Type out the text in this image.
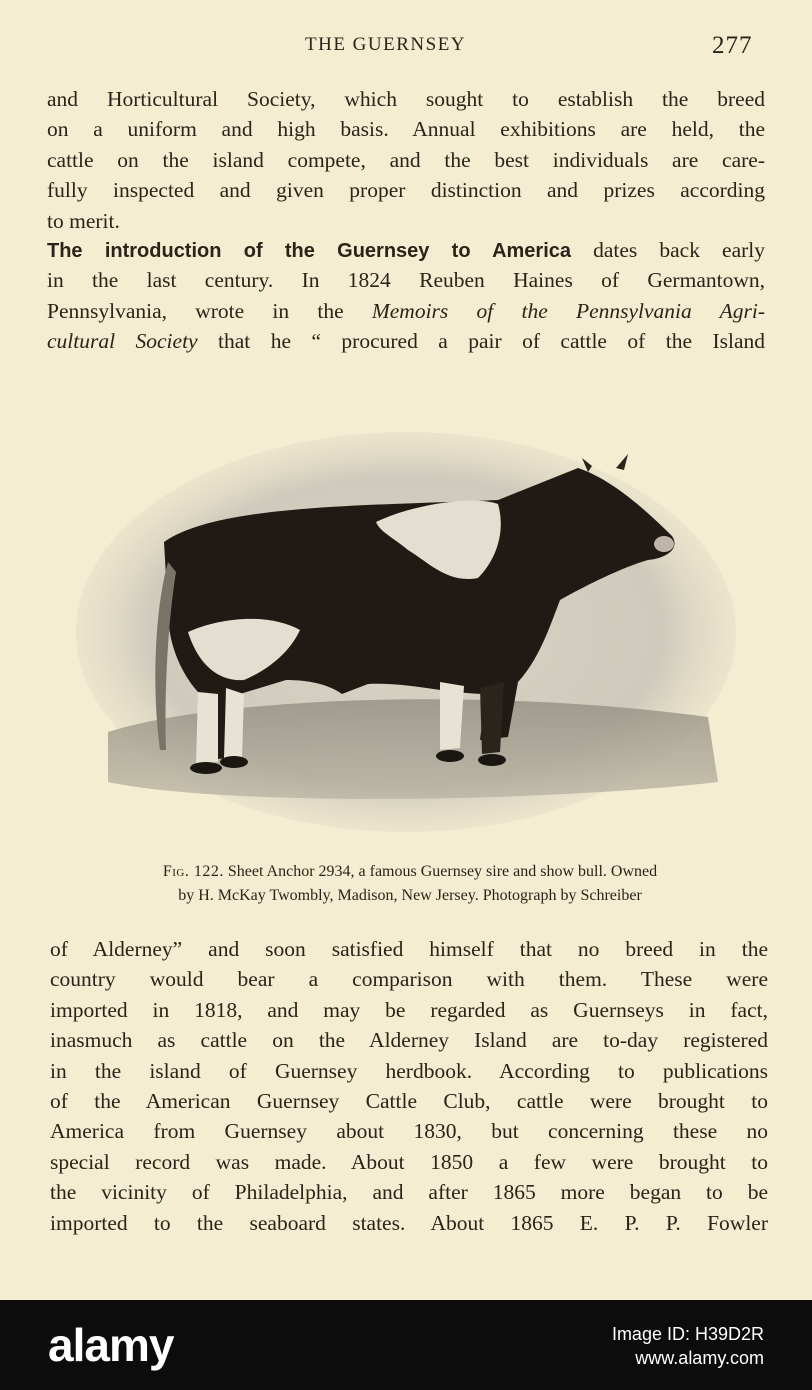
THE GUERNSEY	277
and Horticultural Society, which sought to establish the breed
on a uniform and high basis. Annual exhibitions are held, the
cattle on the island compete, and the best individuals are care-
fully inspected and given proper distinction and prizes according
to merit.
The introduction of the Guernsey to America dates back early
in the last century. In 1824 Reuben Haines of Germantown,
Pennsylvania, wrote in the Memoirs of the Pennsylvania Agri-
cultural Society that he “ procured a pair of cattle of the Island
Fig. 122. Sheet Anchor 2934, a famous Guernsey sire and show bull. Owned
by H. McKay Twombly, Madison, New Jersey. Photograph by Schreiber
of Alderney” and soon satisfied himself that no breed in the
country would bear a comparison with them. These were
imported in 1818, and may be regarded as Guernseys in fact,
inasmuch as cattle on the Alderney Island are to-day registered
in the island of Guernsey herdbook. According to publications
of the American Guernsey Cattle Club, cattle were brought to
America from Guernsey about 1830, but concerning these no
special record was made. About 1850 a few were brought to
the vicinity of Philadelphia, and after 1865 more began to be
imported to the seaboard states. About 1865 E. P. P. Fowler
alamy	Image ID: H39D2R
www.alamy.com
